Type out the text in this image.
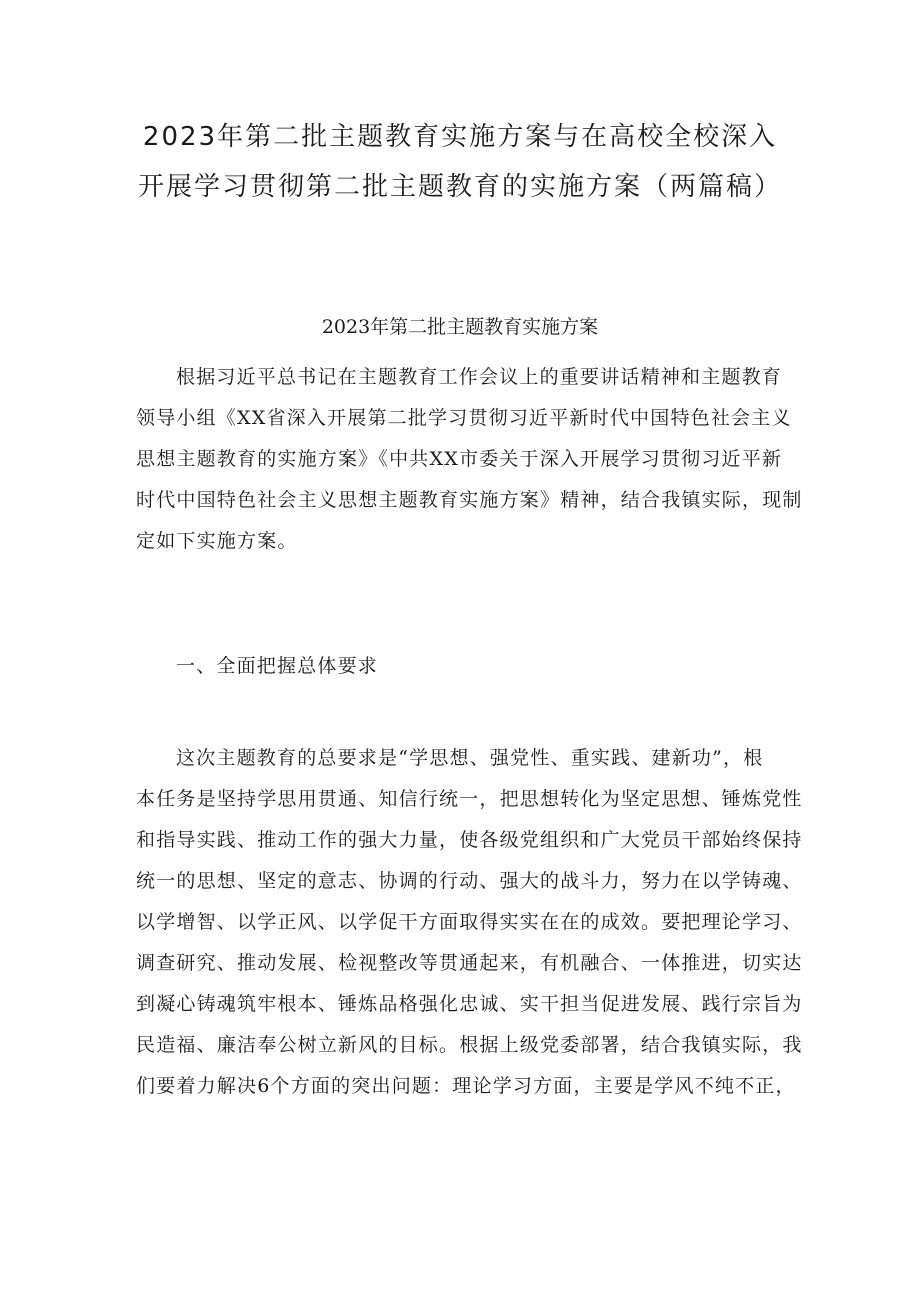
2023年第二批主题教育实施方案与在高校全校深入
开展学习贯彻第二批主题教育的实施方案（两篇稿）
2023年第二批主题教育实施方案
根据习近平总书记在主题教育工作会议上的重要讲话精神和主题教育
领导小组《XX省深入开展第二批学习贯彻习近平新时代中国特色社会主义
思想主题教育的实施方案》《中共XX市委关于深入开展学习贯彻习近平新
时代中国特色社会主义思想主题教育实施方案》精神，结合我镇实际，现制
定如下实施方案。
一、全面把握总体要求
这次主题教育的总要求是“学思想、强党性、重实践、建新功”，根
本任务是坚持学思用贯通、知信行统一，把思想转化为坚定思想、锤炼党性
和指导实践、推动工作的强大力量，使各级党组织和广大党员干部始终保持
统一的思想、坚定的意志、协调的行动、强大的战斗力，努力在以学铸魂、
以学增智、以学正风、以学促干方面取得实实在在的成效。要把理论学习、
调查研究、推动发展、检视整改等贯通起来，有机融合、一体推进，切实达
到凝心铸魂筑牢根本、锤炼品格强化忠诚、实干担当促进发展、践行宗旨为
民造福、廉洁奉公树立新风的目标。根据上级党委部署，结合我镇实际，我
们要着力解决6个方面的突出问题：理论学习方面，主要是学风不纯不正，
